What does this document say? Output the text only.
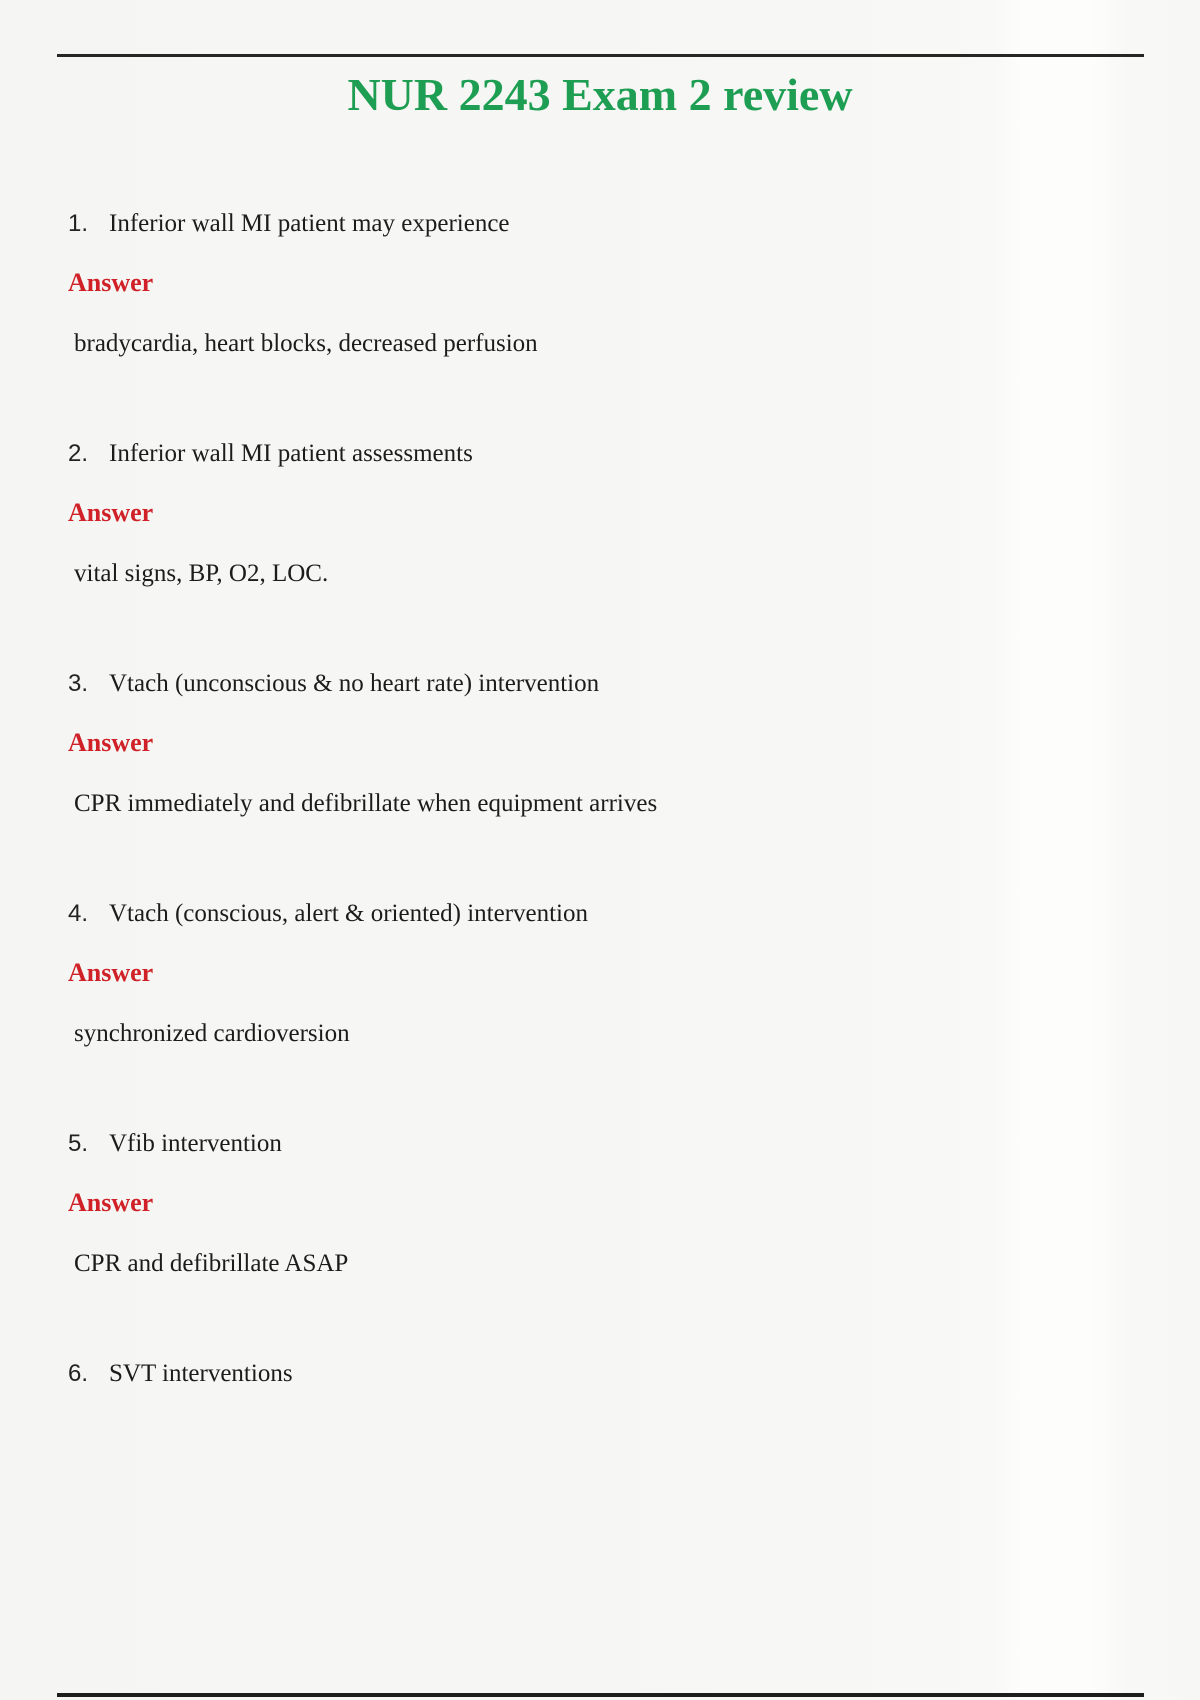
NUR 2243 Exam 2 review
1. Inferior wall MI patient may experience
Answer
bradycardia, heart blocks, decreased perfusion
2. Inferior wall MI patient assessments
Answer
vital signs, BP, O2, LOC.
3. Vtach (unconscious & no heart rate) intervention
Answer
CPR immediately and defibrillate when equipment arrives
4. Vtach (conscious, alert & oriented) intervention
Answer
synchronized cardioversion
5. Vfib intervention
Answer
CPR and defibrillate ASAP
6. SVT interventions
